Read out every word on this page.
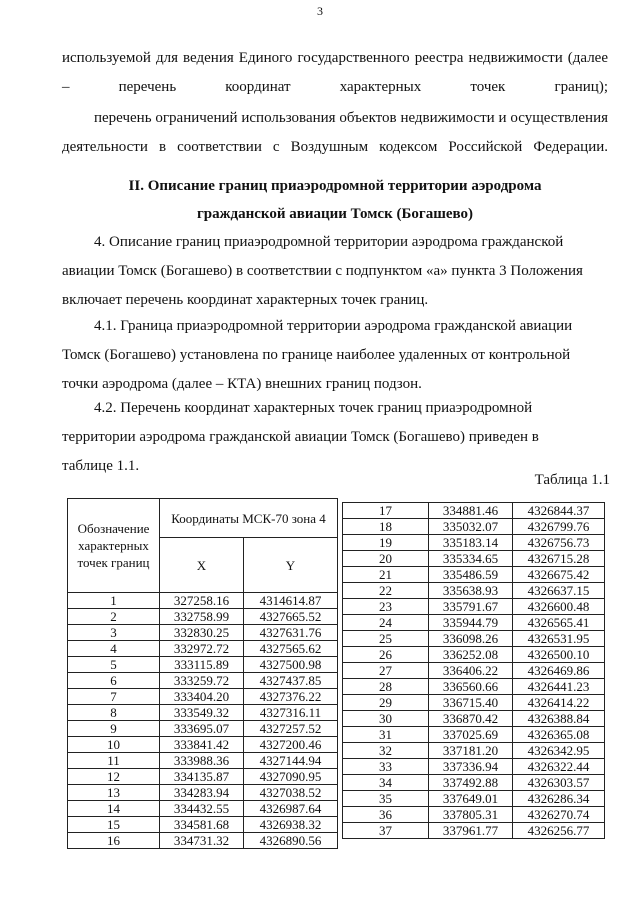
3

используемой для ведения Единого государственного реестра недвижимости (далее
– перечень координат характерных точек границ);

перечень ограничений использования объектов недвижимости и осуществления
деятельности в соответствии с Воздушным кодексом Российской Федерации.

II. Описание границ приаэродромной территории аэродрома
гражданской авиации Томск (Богашево)

4. Описание границ приаэродромной территории аэродрома гражданской
авиации Томск (Богашево) в соответствии с подпунктом «а» пункта 3 Положения
включает перечень координат характерных точек границ.

4.1. Граница приаэродромной территории аэродрома гражданской авиации
Томск (Богашево) установлена по границе наиболее удаленных от контрольной
точки аэродрома (далее – КТА) внешних границ подзон.

4.2. Перечень координат характерных точек границ приаэродромной
территории аэродрома гражданской авиации Томск (Богашево) приведен в
таблице 1.1.

Таблица 1.1
Обозначение характерных точек границ	Координаты МСК-70 зона 4	
	X	Y
1	327258.16	4314614.87
2	332758.99	4327665.52
3	332830.25	4327631.76
4	332972.72	4327565.62
5	333115.89	4327500.98
6	333259.72	4327437.85
7	333404.20	4327376.22
8	333549.32	4327316.11
9	333695.07	4327257.52
10	333841.42	4327200.46
11	333988.36	4327144.94
12	334135.87	4327090.95
13	334283.94	4327038.52
14	334432.55	4326987.64
15	334581.68	4326938.32
16	334731.32	4326890.56
17	334881.46	4326844.37
18	335032.07	4326799.76
19	335183.14	4326756.73
20	335334.65	4326715.28
21	335486.59	4326675.42
22	335638.93	4326637.15
23	335791.67	4326600.48
24	335944.79	4326565.41
25	336098.26	4326531.95
26	336252.08	4326500.10
27	336406.22	4326469.86
28	336560.66	4326441.23
29	336715.40	4326414.22
30	336870.42	4326388.84
31	337025.69	4326365.08
32	337181.20	4326342.95
33	337336.94	4326322.44
34	337492.88	4326303.57
35	337649.01	4326286.34
36	337805.31	4326270.74
37	337961.77	4326256.77
